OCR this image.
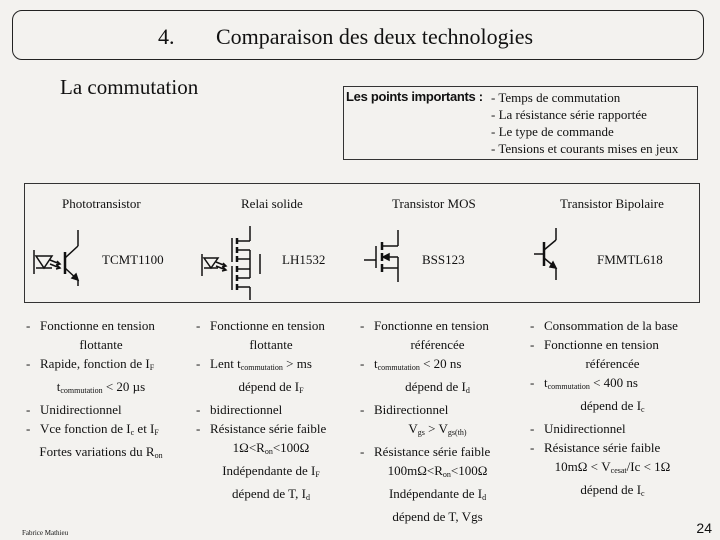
4. Comparaison des deux technologies
La commutation	Les points importants : - Temps de commutation
- La résistance série rapportée
- Le type de commande
- Tensions et courants mises en jeux
Phototransistor	Relai solide	Transistor MOS	Transistor Bipolaire
TCMT1100	LH1532	BSS123	FMMTL618
- Fonctionne en tension
flottante
- Rapide, fonction de $I_F$
$t_{commutation} < 20$ µs
- Unidirectionnel
- Vce fonction de $I_c$ et $I_F$
Fortes variations du $R_{on}$
- Fonctionne en tension
flottante
- Lent $t_{commutation}$ > ms
dépend de $I_F$
- bidirectionnel
- Résistance série faible
$1\Omega<R_{on}<100\Omega$
Indépendante de $I_F$
dépend de T, $I_d$
- Fonctionne en tension
référencée
- $t_{commutation} < 20$ ns
dépend de $I_d$
- Bidirectionnel
$V_{gs} > V_{gs(th)}$
- Résistance série faible
$100m\Omega<R_{on}<100\Omega$
Indépendante de $I_d$
dépend de T, Vgs
- Consommation de la base
- Fonctionne en tension
référencée
- $t_{commutation} < 400$ ns
dépend de $I_c$
- Unidirectionnel
- Résistance série faible
$10m\Omega < V_{cesat}/Ic < 1\Omega$
dépend de $I_c$
Fabrice Mathieu	24
